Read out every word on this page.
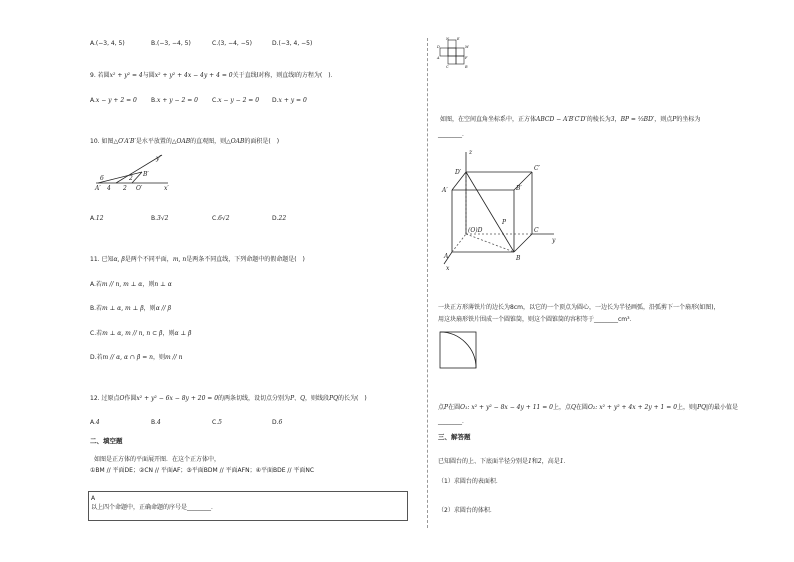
A.(−3, 4, 5)	B.(−3, −4, 5)	C.(3, −4, −5)	D.(−3, 4, −5)
9. 若圆x² + y² = 4与圆x² + y² + 4x − 4y + 4 = 0关于直线l对称，则直线l的方程为(　)．
A.x − y + 2 = 0 B.x + y − 2 = 0 C.x − y − 2 = 0 D.x + y = 0
10. 如图△O′A′B′是水平放置的△OAB的直观图，则△OAB的面积是(　)
y′
B′
6
A′ 4 2
2
O′	x′
A.12	B.3√2	C.6√2	D.22
11. 已知α, β是两个不同平面，m, n是两条不同直线，下列命题中的假命题是(　)
A.若m // n, m ⊥ α，则n ⊥ α
B.若m ⊥ α, m ⊥ β，则α // β
C.若m ⊥ α, m // n, n ⊂ β，则α ⊥ β
D.若m // α, α ∩ β = n，则m // n
12. 过原点O作圆x² + y² − 6x − 8y + 20 = 0的两条切线，设切点分别为P、Q，则线段PQ的长为(　)
A.4	B.4	C.5	D.6
二、填空题
如图是正方体的平面展开图．在这个正方体中，
①BM // 平面DE；②CN // 平面AF；③平面BDM // 平面AFN；④平面BDE // 平面NC
A
以上四个命题中，正确命题的序号是________．
N E
D	M
A	F
C	B
如图，在空间直角坐标系中，正方体ABCD − A′B′C′D′的棱长为3，BP = ⅓BD′，则点P的坐标为
________．
z
D′
C′
A′	B′
P
(O)D	C
y
A	B
x
一块正方形薄铁片的边长为8cm，以它的一个顶点为圆心，一边长为半径画弧，沿弧剪下一个扇形(如图)，
用这块扇形铁片围成一个圆锥筒，则这个圆锥筒的容积等于________cm³．
点P在圆O₁: x² + y² − 8x − 4y + 11 = 0上，点Q在圆O₂: x² + y² + 4x + 2y + 1 = 0上，则|PQ|的最小值是
________．
三、解答题
已知圆台的上、下底面半径分别是1和2，高是1．
（1）求圆台的表面积．
（2）求圆台的体积．
